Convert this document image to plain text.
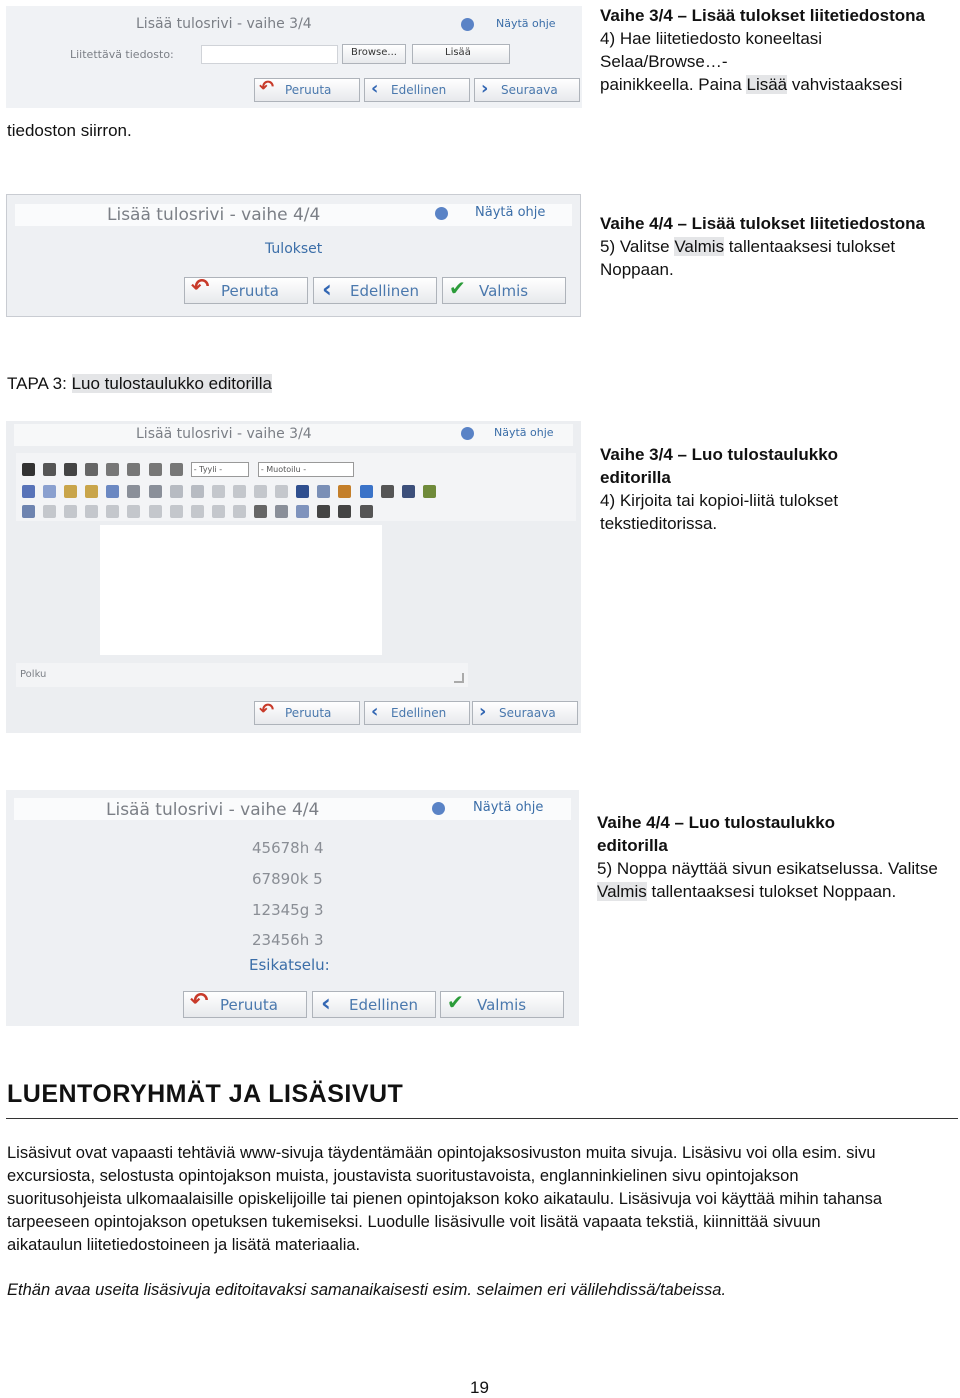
Lisää tulosrivi - vaihe 3/4	Näytä ohje
Liitettävä tiedosto:	Browse...	Lisää
↶ Peruuta ‹ Edellinen › Seuraava
tiedoston siirron.
Vaihe 3/4 – Lisää tulokset liitetiedostona
4) Hae liitetiedosto koneeltasi
Selaa/Browse…-
painikkeella. Paina Lisää vahvistaaksesi
Lisää tulosrivi - vaihe 4/4	Näytä ohje
Tulokset
↶ Peruuta ‹ Edellinen ✔ Valmis
Vaihe 4/4 – Lisää tulokset liitetiedostona
5) Valitse Valmis tallentaaksesi tulokset
Noppaan.
TAPA 3: Luo tulostaulukko editorilla
Lisää tulosrivi - vaihe 3/4	Näytä ohje
- Tyyli -	- Muotoilu -

Polku
↶ Peruuta ‹ Edellinen › Seuraava
Vaihe 3/4 – Luo tulostaulukko
editorilla
4) Kirjoita tai kopioi-liitä tulokset
tekstieditorissa.
Lisää tulosrivi - vaihe 4/4	Näytä ohje
45678h 4
67890k 5
12345g 3
23456h 3
Esikatselu:
↶ Peruuta ‹ Edellinen ✔ Valmis
Vaihe 4/4 – Luo tulostaulukko
editorilla
5) Noppa näyttää sivun esikatselussa. Valitse
Valmis tallentaaksesi tulokset Noppaan.
LUENTORYHMÄT JA LISÄSIVUT
Lisäsivut ovat vapaasti tehtäviä www-sivuja täydentämään opintojaksosivuston muita sivuja. Lisäsivu voi olla esim. sivu
excursiosta, selostusta opintojakson muista, joustavista suoritustavoista, englanninkielinen sivu opintojakson
suoritusohjeista ulkomaalaisille opiskelijoille tai pienen opintojakson koko aikataulu. Lisäsivuja voi käyttää mihin tahansa
tarpeeseen opintojakson opetuksen tukemiseksi. Luodulle lisäsivulle voit lisätä vapaata tekstiä, kiinnittää sivuun
aikataulun liitetiedostoineen ja lisätä materiaalia.
Ethän avaa useita lisäsivuja editoitavaksi samanaikaisesti esim. selaimen eri välilehdissä/tabeissa.
19
